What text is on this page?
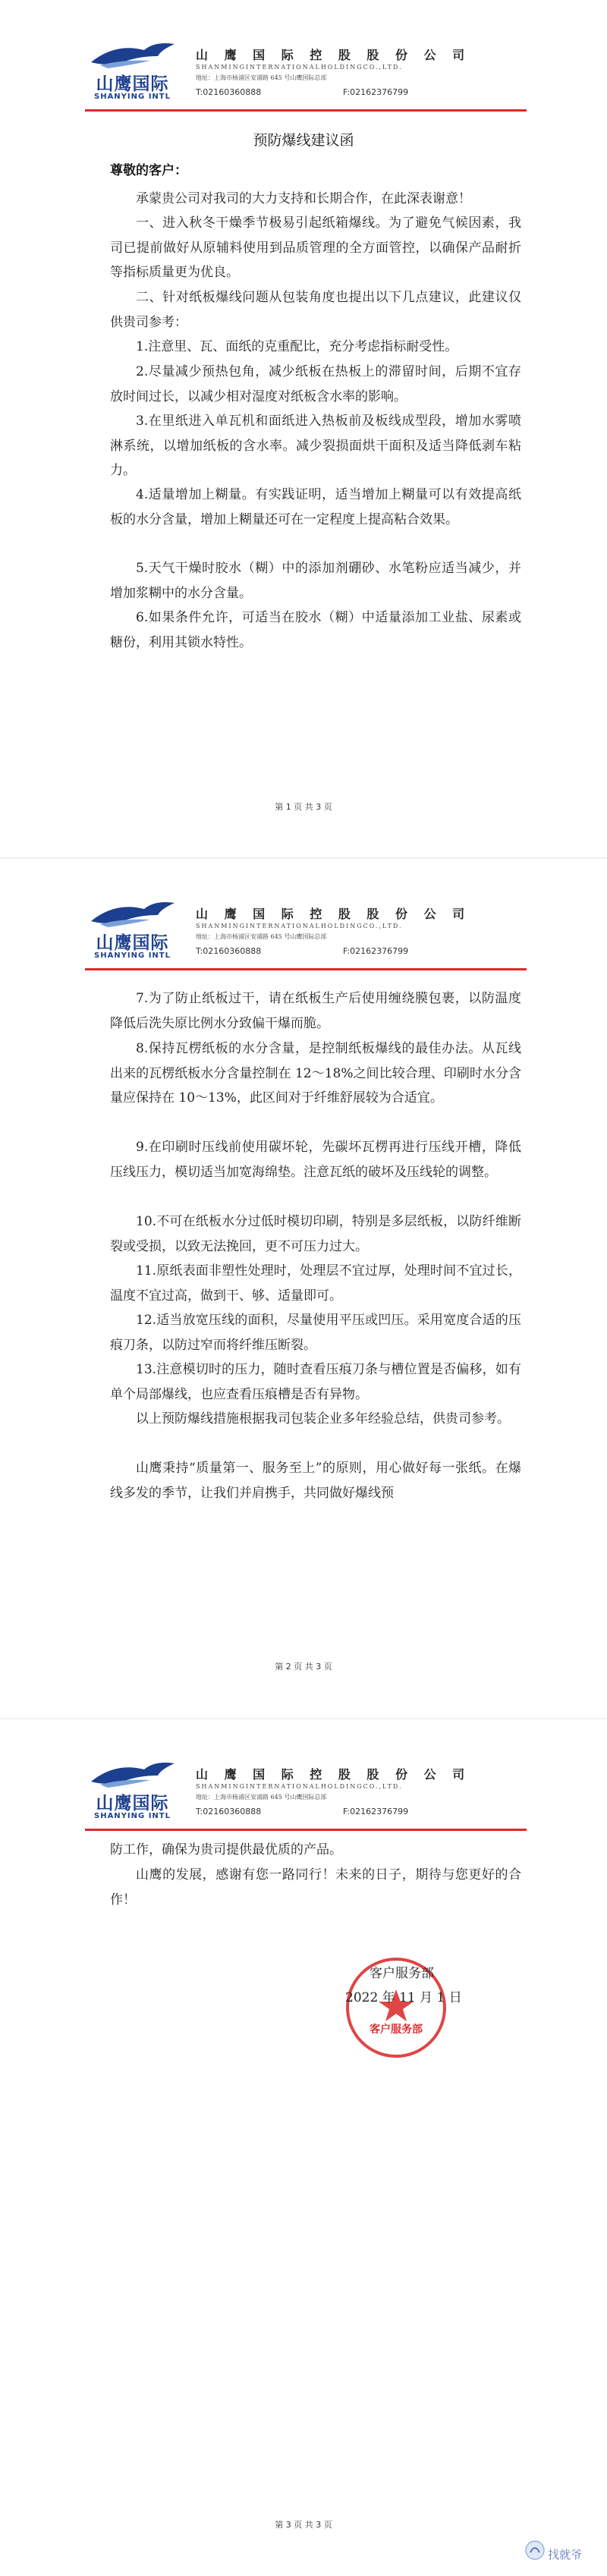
山鹰国际
SHANYING INTL
山 鹰 国 际 控 股 股 份 公 司
SHANMINGINTERNATIONALHOLDINGCO.,LTD.
地址：上海市杨浦区安浦路 645 号山鹰国际总部
T:02160360888	F:02162376799
预防爆线建议函
尊敬的客户：
承蒙贵公司对我司的大力支持和长期合作，在此深表谢意！
一、进入秋冬干燥季节极易引起纸箱爆线。为了避免气候因素，我司已提前做好从原辅料使用到品质管理的全方面管控，以确保产品耐折等指标质量更为优良。
二、针对纸板爆线问题从包装角度也提出以下几点建议，此建议仅供贵司参考：
1.注意里、瓦、面纸的克重配比，充分考虑指标耐受性。
2.尽量减少预热包角，减少纸板在热板上的滞留时间，后期不宜存放时间过长，以减少相对湿度对纸板含水率的影响。
3.在里纸进入单瓦机和面纸进入热板前及板线成型段，增加水雾喷淋系统，以增加纸板的含水率。减少裂损面烘干面积及适当降低剥车粘力。
4.适量增加上糊量。有实践证明，适当增加上糊量可以有效提高纸板的水分含量，增加上糊量还可在一定程度上提高粘合效果。
5.天气干燥时胶水（糊）中的添加剂硼砂、水笔粉应适当减少，并增加浆糊中的水分含量。
6.如果条件允许，可适当在胶水（糊）中适量添加工业盐、尿素或糖份，利用其锁水特性。
第 1 页 共 3 页
山鹰国际
SHANYING INTL
山 鹰 国 际 控 股 股 份 公 司
SHANMINGINTERNATIONALHOLDINGCO.,LTD.
地址：上海市杨浦区安浦路 645 号山鹰国际总部
T:02160360888	F:02162376799
7.为了防止纸板过干，请在纸板生产后使用缠绕膜包裹，以防温度降低后洗失原比例水分致偏干爆而脆。
8.保持瓦楞纸板的水分含量，是控制纸板爆线的最佳办法。从瓦线出来的瓦楞纸板水分含量控制在 12～18%之间比较合理、印刷时水分含量应保持在 10～13%，此区间对于纤维舒展较为合适宜。
9.在印刷时压线前使用碳坏轮，先碳坏瓦楞再进行压线开槽，降低压线压力，模切适当加宽海绵垫。注意瓦纸的破坏及压线轮的调整。
10.不可在纸板水分过低时模切印刷，特别是多层纸板，以防纤维断裂或受损，以致无法挽回，更不可压力过大。
11.原纸表面非塑性处理时，处理层不宜过厚，处理时间不宜过长，温度不宜过高，做到干、够、适量即可。
12.适当放宽压线的面积，尽量使用平压或凹压。采用宽度合适的压痕刀条，以防过窄而将纤维压断裂。
13.注意模切时的压力，随时查看压痕刀条与槽位置是否偏移，如有单个局部爆线，也应查看压痕槽是否有异物。
以上预防爆线措施根据我司包装企业多年经验总结，供贵司参考。
山鹰秉持“质量第一、服务至上”的原则，用心做好每一张纸。在爆线多发的季节，让我们并肩携手，共同做好爆线预
第 2 页 共 3 页
山鹰国际
SHANYING INTL
山 鹰 国 际 控 股 股 份 公 司
SHANMINGINTERNATIONALHOLDINGCO.,LTD.
地址：上海市杨浦区安浦路 645 号山鹰国际总部
T:02160360888	F:02162376799
防工作，确保为贵司提供最优质的产品。
山鹰的发展，感谢有您一路同行！未来的日子，期待与您更好的合作！
客户服务部
客户服务部
2022 年 11 月 1 日
第 3 页 共 3 页
找就爷
